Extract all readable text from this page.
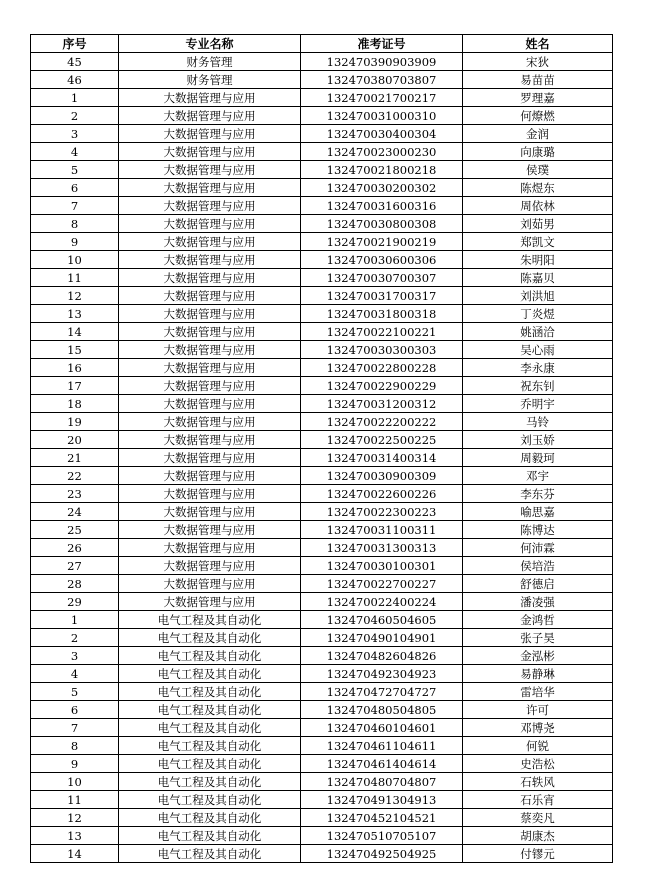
序号	专业名称	准考证号	姓名
45	财务管理	132470390903909	宋狄
46	财务管理	132470380703807	易苗苗
1	大数据管理与应用	132470021700217	罗理嘉
2	大数据管理与应用	132470031000310	何燎燃
3	大数据管理与应用	132470030400304	金润
4	大数据管理与应用	132470023000230	向康璐
5	大数据管理与应用	132470021800218	侯璞
6	大数据管理与应用	132470030200302	陈煜东
7	大数据管理与应用	132470031600316	周依林
8	大数据管理与应用	132470030800308	刘茹男
9	大数据管理与应用	132470021900219	郑凯文
10	大数据管理与应用	132470030600306	朱明阳
11	大数据管理与应用	132470030700307	陈嘉贝
12	大数据管理与应用	132470031700317	刘洪旭
13	大数据管理与应用	132470031800318	丁炎煜
14	大数据管理与应用	132470022100221	姚涵洽
15	大数据管理与应用	132470030300303	吴心雨
16	大数据管理与应用	132470022800228	李永康
17	大数据管理与应用	132470022900229	祝东钊
18	大数据管理与应用	132470031200312	乔明宇
19	大数据管理与应用	132470022200222	马铃
20	大数据管理与应用	132470022500225	刘玉娇
21	大数据管理与应用	132470031400314	周毅珂
22	大数据管理与应用	132470030900309	邓宇
23	大数据管理与应用	132470022600226	李东芬
24	大数据管理与应用	132470022300223	喻思嘉
25	大数据管理与应用	132470031100311	陈博达
26	大数据管理与应用	132470031300313	何沛霖
27	大数据管理与应用	132470030100301	侯培浩
28	大数据管理与应用	132470022700227	舒德启
29	大数据管理与应用	132470022400224	潘凌强
1	电气工程及其自动化	132470460504605	金鸿哲
2	电气工程及其自动化	132470490104901	张子昊
3	电气工程及其自动化	132470482604826	金泓彬
4	电气工程及其自动化	132470492304923	易静琳
5	电气工程及其自动化	132470472704727	雷培华
6	电气工程及其自动化	132470480504805	许可
7	电气工程及其自动化	132470460104601	邓博尧
8	电气工程及其自动化	132470461104611	何锐
9	电气工程及其自动化	132470461404614	史浩松
10	电气工程及其自动化	132470480704807	石轶风
11	电气工程及其自动化	132470491304913	石乐宵
12	电气工程及其自动化	132470452104521	蔡奕凡
13	电气工程及其自动化	132470510705107	胡康杰
14	电气工程及其自动化	132470492504925	付镠元
